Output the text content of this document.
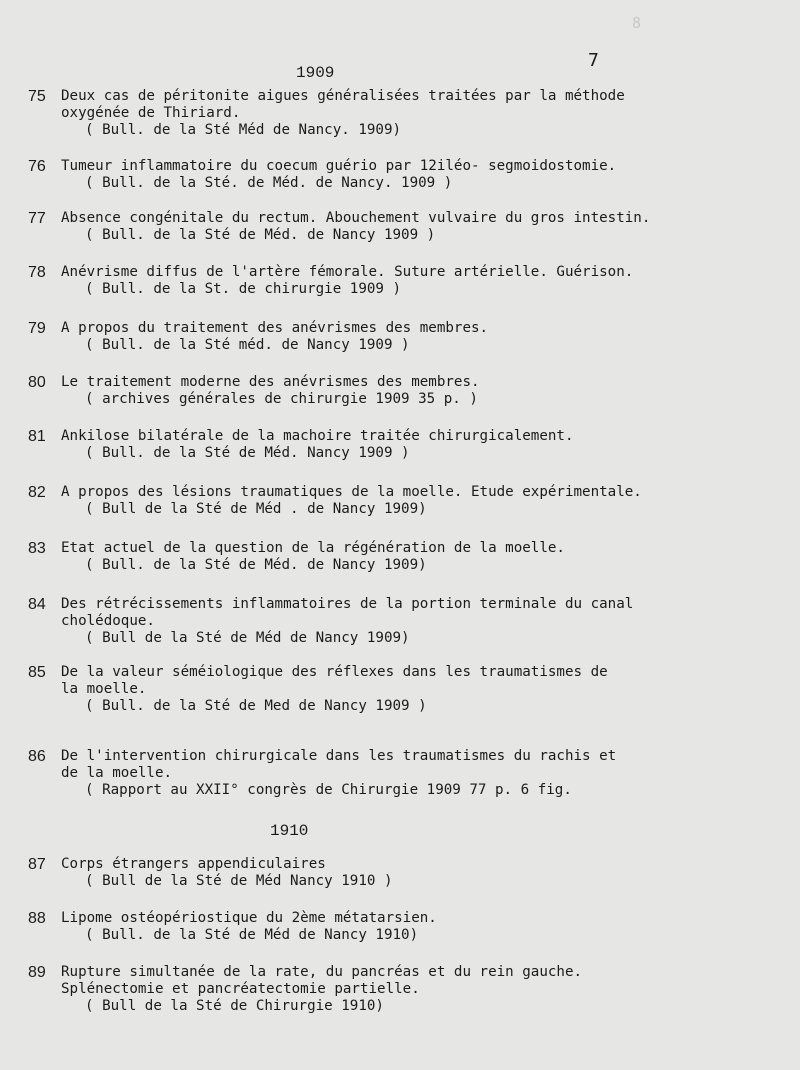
8
7
1909
1910
75 Deux cas de péritonite aigues généralisées traitées par la méthode
oxygénée de Thiriard.
( Bull. de la Sté Méd de Nancy. 1909)
76 Tumeur inflammatoire du coecum guério par 12iléo- segmoidostomie.
( Bull. de la Sté. de Méd. de Nancy. 1909 )
77 Absence congénitale du rectum. Abouchement vulvaire du gros intestin.
( Bull. de la Sté de Méd. de Nancy 1909 )
78 Anévrisme diffus de l'artère fémorale. Suture artérielle. Guérison.
( Bull. de la St. de chirurgie 1909 )
79 A propos du traitement des anévrismes des membres.
( Bull. de la Sté méd. de Nancy 1909 )
80 Le traitement moderne des anévrismes des membres.
( archives générales de chirurgie 1909 35 p. )
81 Ankilose bilatérale de la machoire traitée chirurgicalement.
( Bull. de la Sté de Méd. Nancy 1909 )
82 A propos des lésions traumatiques de la moelle. Etude expérimentale.
( Bull de la Sté de Méd . de Nancy 1909)
83 Etat actuel de la question de la régénération de la moelle.
( Bull. de la Sté de Méd. de Nancy 1909)
84 Des rétrécissements inflammatoires de la portion terminale du canal
cholédoque.
( Bull de la Sté de Méd de Nancy 1909)
85 De la valeur séméiologique des réflexes dans les traumatismes de
la moelle.
( Bull. de la Sté de Med de Nancy 1909 )
86 De l'intervention chirurgicale dans les traumatismes du rachis et
de la moelle.
( Rapport au XXII° congrès de Chirurgie 1909 77 p. 6 fig.
87 Corps étrangers appendiculaires
( Bull de la Sté de Méd Nancy 1910 )
88 Lipome ostéopériostique du 2ème métatarsien.
( Bull. de la Sté de Méd de Nancy 1910)
89 Rupture simultanée de la rate, du pancréas et du rein gauche.
Splénectomie et pancréatectomie partielle.
( Bull de la Sté de Chirurgie 1910)
